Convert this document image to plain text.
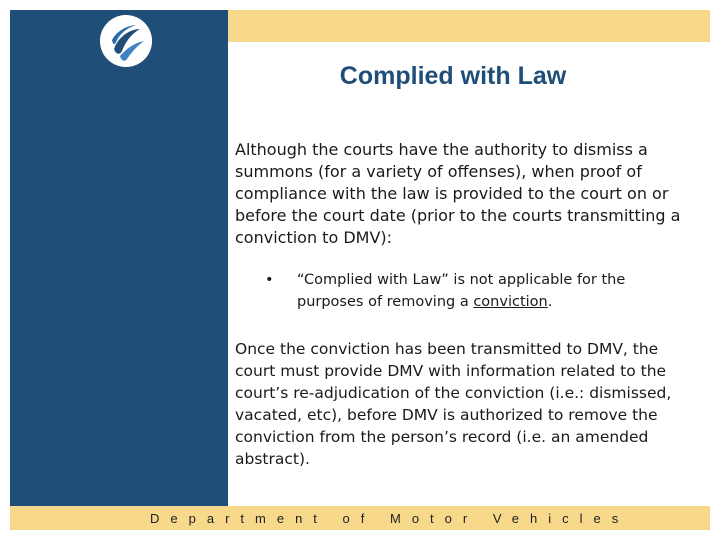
Complied with Law
Although the courts have the authority to dismiss a summons (for a variety of offenses), when proof of compliance with the law is provided to the court on or before the court date (prior to the courts transmitting a conviction to DMV):
•	“Complied with Law” is not applicable for the purposes of removing a conviction.
Once the conviction has been transmitted to DMV, the court must provide DMV with information related to the court’s re-adjudication of the conviction (i.e.: dismissed, vacated, etc), before DMV is authorized to remove the conviction from the person’s record (i.e. an amended abstract).
Department of Motor Vehicles
